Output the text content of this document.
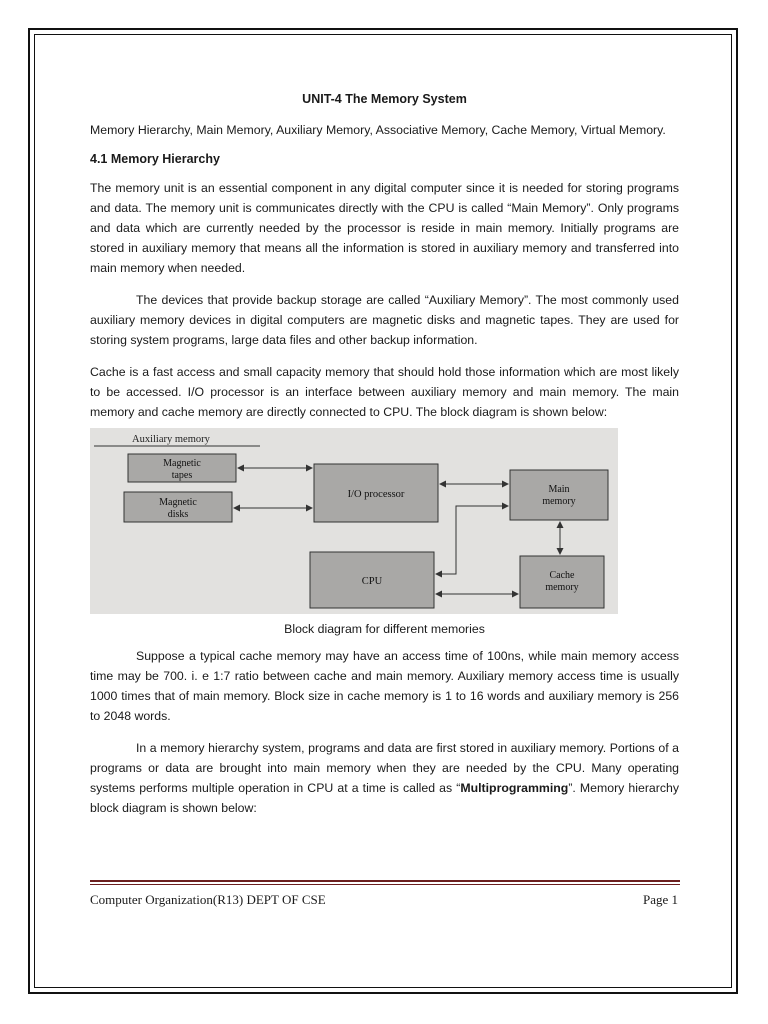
UNIT-4 The Memory System

Memory Hierarchy, Main Memory, Auxiliary Memory, Associative Memory, Cache Memory, Virtual Memory.

4.1 Memory Hierarchy

The memory unit is an essential component in any digital computer since it is needed for storing programs and data. The memory unit is communicates directly with the CPU is called “Main Memory”. Only programs and data which are currently needed by the processor is reside in main memory. Initially programs are stored in auxiliary memory that means all the information is stored in auxiliary memory and transferred into main memory when needed.

The devices that provide backup storage are called “Auxiliary Memory”. The most commonly used auxiliary memory devices in digital computers are magnetic disks and magnetic tapes. They are used for storing system programs, large data files and other backup information.

Cache is a fast access and small capacity memory that should hold those information which are most likely to be accessed. I/O processor is an interface between auxiliary memory and main memory. The main memory and cache memory are directly connected to CPU. The block diagram is shown below:

Auxiliary memory
Magnetic
tapes
Magnetic
disks
I/O processor	Main
memory
CPU
Cache
memory
Block diagram for different memories

Suppose a typical cache memory may have an access time of 100ns, while main memory access time may be 700. i. e 1:7 ratio between cache and main memory. Auxiliary memory access time is usually 1000 times that of main memory. Block size in cache memory is 1 to 16 words and auxiliary memory is 256 to 2048 words.

In a memory hierarchy system, programs and data are first stored in auxiliary memory. Portions of a programs or data are brought into main memory when they are needed by the CPU. Many operating systems performs multiple operation in CPU at a time is called as “Multiprogramming”. Memory hierarchy block diagram is shown below:

Computer Organization(R13) DEPT OF CSE	Page 1
